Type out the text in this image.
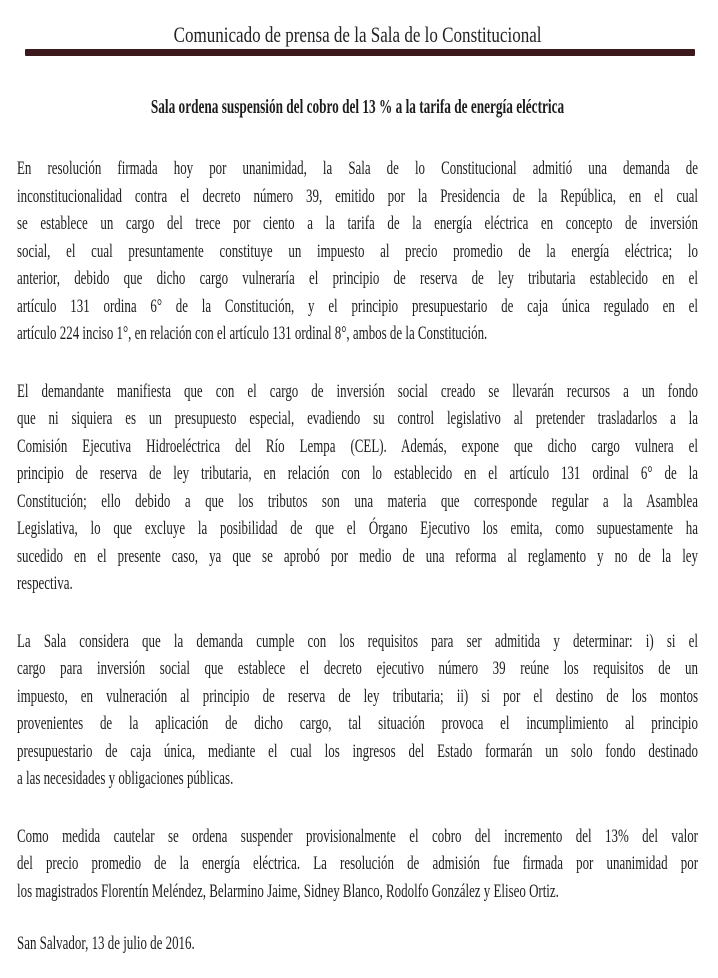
Comunicado de prensa de la Sala de lo Constitucional
Sala ordena suspensión del cobro del 13 % a la tarifa de energía eléctrica
En resolución firmada hoy por unanimidad, la Sala de lo Constitucional admitió una demanda de
inconstitucionalidad contra el decreto número 39, emitido por la Presidencia de la República, en el cual
se establece un cargo del trece por ciento a la tarifa de la energía eléctrica en concepto de inversión
social, el cual presuntamente constituye un impuesto al precio promedio de la energía eléctrica; lo
anterior, debido que dicho cargo vulneraría el principio de reserva de ley tributaria establecido en el
artículo 131 ordina 6° de la Constitución, y el principio presupuestario de caja única regulado en el
artículo 224 inciso 1°, en relación con el artículo 131 ordinal 8°, ambos de la Constitución.
El demandante manifiesta que con el cargo de inversión social creado se llevarán recursos a un fondo
que ni siquiera es un presupuesto especial, evadiendo su control legislativo al pretender trasladarlos a la
Comisión Ejecutiva Hidroeléctrica del Río Lempa (CEL). Además, expone que dicho cargo vulnera el
principio de reserva de ley tributaria, en relación con lo establecido en el artículo 131 ordinal 6° de la
Constitución; ello debido a que los tributos son una materia que corresponde regular a la Asamblea
Legislativa, lo que excluye la posibilidad de que el Órgano Ejecutivo los emita, como supuestamente ha
sucedido en el presente caso, ya que se aprobó por medio de una reforma al reglamento y no de la ley
respectiva.
La Sala considera que la demanda cumple con los requisitos para ser admitida y determinar: i) si el
cargo para inversión social que establece el decreto ejecutivo número 39 reúne los requisitos de un
impuesto, en vulneración al principio de reserva de ley tributaria; ii) si por el destino de los montos
provenientes de la aplicación de dicho cargo, tal situación provoca el incumplimiento al principio
presupuestario de caja única, mediante el cual los ingresos del Estado formarán un solo fondo destinado
a las necesidades y obligaciones públicas.
Como medida cautelar se ordena suspender provisionalmente el cobro del incremento del 13% del valor
del precio promedio de la energía eléctrica. La resolución de admisión fue firmada por unanimidad por
los magistrados Florentín Meléndez, Belarmino Jaime, Sidney Blanco, Rodolfo González y Eliseo Ortiz.
San Salvador, 13 de julio de 2016.
